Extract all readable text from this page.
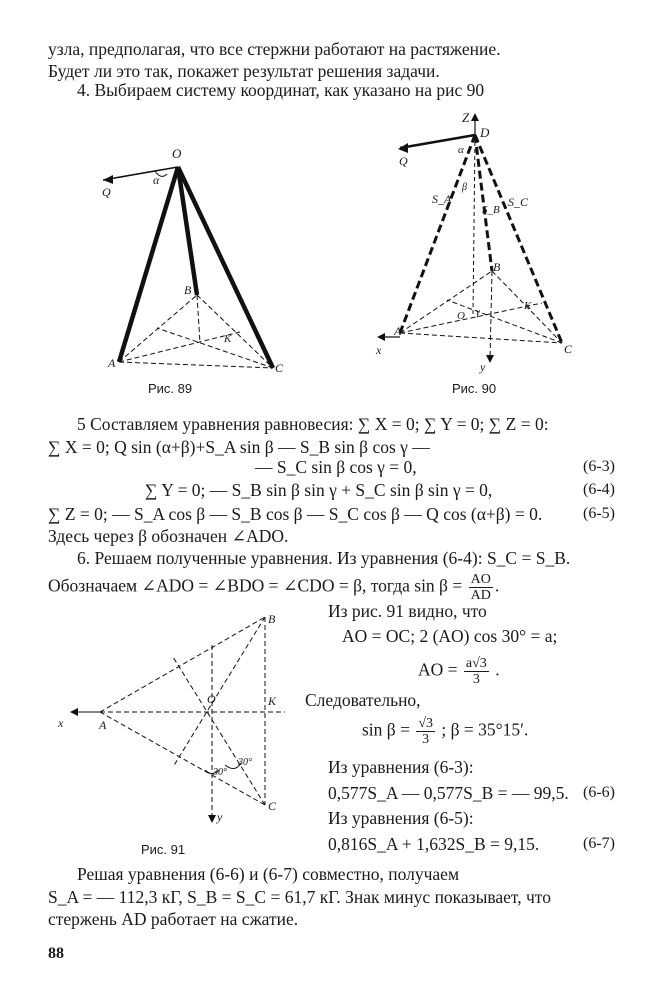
узла, предполагая, что все стержни работают на растяжение.
Будет ли это так, покажет результат решения задачи.
4. Выбираем систему координат, как указано на рис 90
Q
O
α
A
B
C
K
Рис. 89
Z
D
Q
α
β
S_A
S_B
S_C
x
y
A
B
C
K
O γ
Рис. 90
5 Составляем уравнения равновесия: ∑ X = 0; ∑ Y = 0; ∑ Z = 0:
∑ X = 0; Q sin (α+β)+S_A sin β — S_B sin β cos γ —
— S_C sin β cos γ = 0,	(6-3)
∑ Y = 0; — S_B sin β sin γ + S_C sin β sin γ = 0,	(6-4)
∑ Z = 0; — S_A cos β — S_B cos β — S_C cos β — Q cos (α+β) = 0.	(6-5)
Здесь через β обозначен ∠ADO.
6. Решаем полученные уравнения. Из уравнения (6-4): S_C = S_B.
Обозначаем ∠ADO = ∠BDO = ∠CDO = β, тогда $\sin \beta = \frac{AO}{AD}$ .
x	A
B
C
K
O
y
30°
30°
Рис. 91
Из рис. 91 видно, что
AO = OC; 2 (AO) cos 30° = a;
AO = $\frac{a√3}{3}$ .
Следовательно,
$\sin \beta = \frac{√3}{3}$ ; β = 35°15′.
Из уравнения (6-3):
0,577S_A — 0,577S_B = — 99,5. (6-6)
Из уравнения (6-5):
0,816S_A + 1,632S_B = 9,15.	(6-7)
Решая уравнения (6-6) и (6-7) совместно, получаем
S_A = — 112,3 кГ, S_B = S_C = 61,7 кГ. Знак минус показывает, что
стержень AD работает на сжатие.
88
